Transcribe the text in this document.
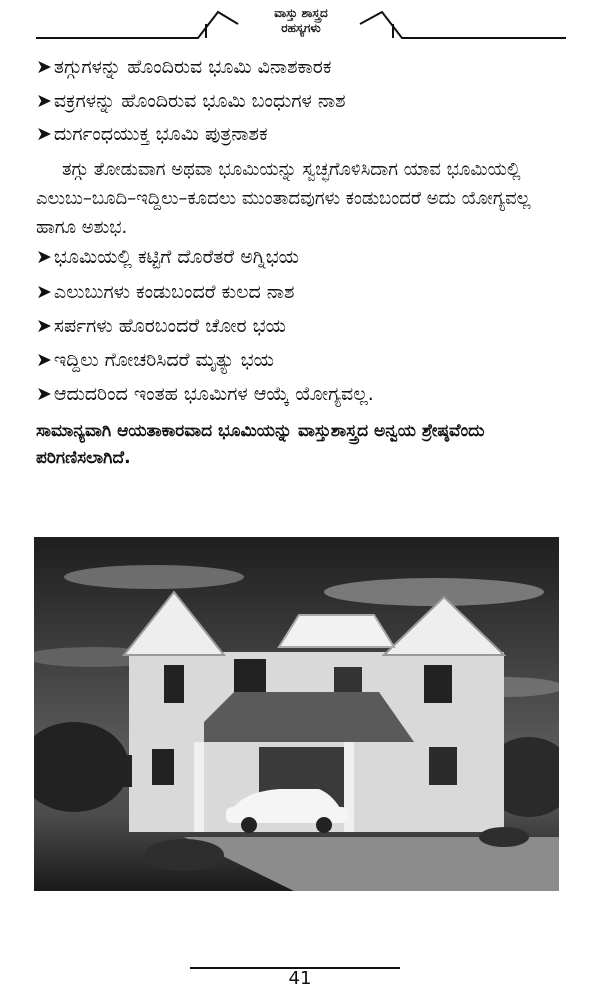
ವಾಸ್ತು ಶಾಸ್ತ್ರದ
ರಹಸ್ಯಗಳು
➤ ತಗ್ಗುಗಳನ್ನು ಹೊಂದಿರುವ ಭೂಮಿ ವಿನಾಶಕಾರಕ
➤ ವಕ್ರಗಳನ್ನು ಹೊಂದಿರುವ ಭೂಮಿ ಬಂಧುಗಳ ನಾಶ
➤ ದುರ್ಗಂಧಯುಕ್ತ ಭೂಮಿ ಪುತ್ರನಾಶಕ
ತಗ್ಗು ತೋಡುವಾಗ ಅಥವಾ ಭೂಮಿಯನ್ನು ಸ್ವಚ್ಛಗೊಳಿಸಿದಾಗ ಯಾವ ಭೂಮಿಯಲ್ಲಿ ಎಲುಬು–ಬೂದಿ–ಇದ್ದಿಲು–ಕೂದಲು ಮುಂತಾದವುಗಳು ಕಂಡುಬಂದರೆ ಅದು ಯೋಗ್ಯವಲ್ಲ ಹಾಗೂ ಅಶುಭ.
➤ ಭೂಮಿಯಲ್ಲಿ ಕಟ್ಟಿಗೆ ದೊರೆತರೆ ಅಗ್ನಿಭಯ
➤ ಎಲುಬುಗಳು ಕಂಡುಬಂದರೆ ಕುಲದ ನಾಶ
➤ ಸರ್ಪಗಳು ಹೊರಬಂದರೆ ಚೋರ ಭಯ
➤ ಇದ್ದಿಲು ಗೋಚರಿಸಿದರೆ ಮೃತ್ಯು ಭಯ
➤ ಆದುದರಿಂದ ಇಂತಹ ಭೂಮಿಗಳ ಆಯ್ಕೆ ಯೋಗ್ಯವಲ್ಲ.
ಸಾಮಾನ್ಯವಾಗಿ ಆಯತಾಕಾರವಾದ ಭೂಮಿಯನ್ನು ವಾಸ್ತುಶಾಸ್ತ್ರದ ಅನ್ವಯ ಶ್ರೇಷ್ಠವೆಂದು ಪರಿಗಣಿಸಲಾಗಿದೆ.
41
